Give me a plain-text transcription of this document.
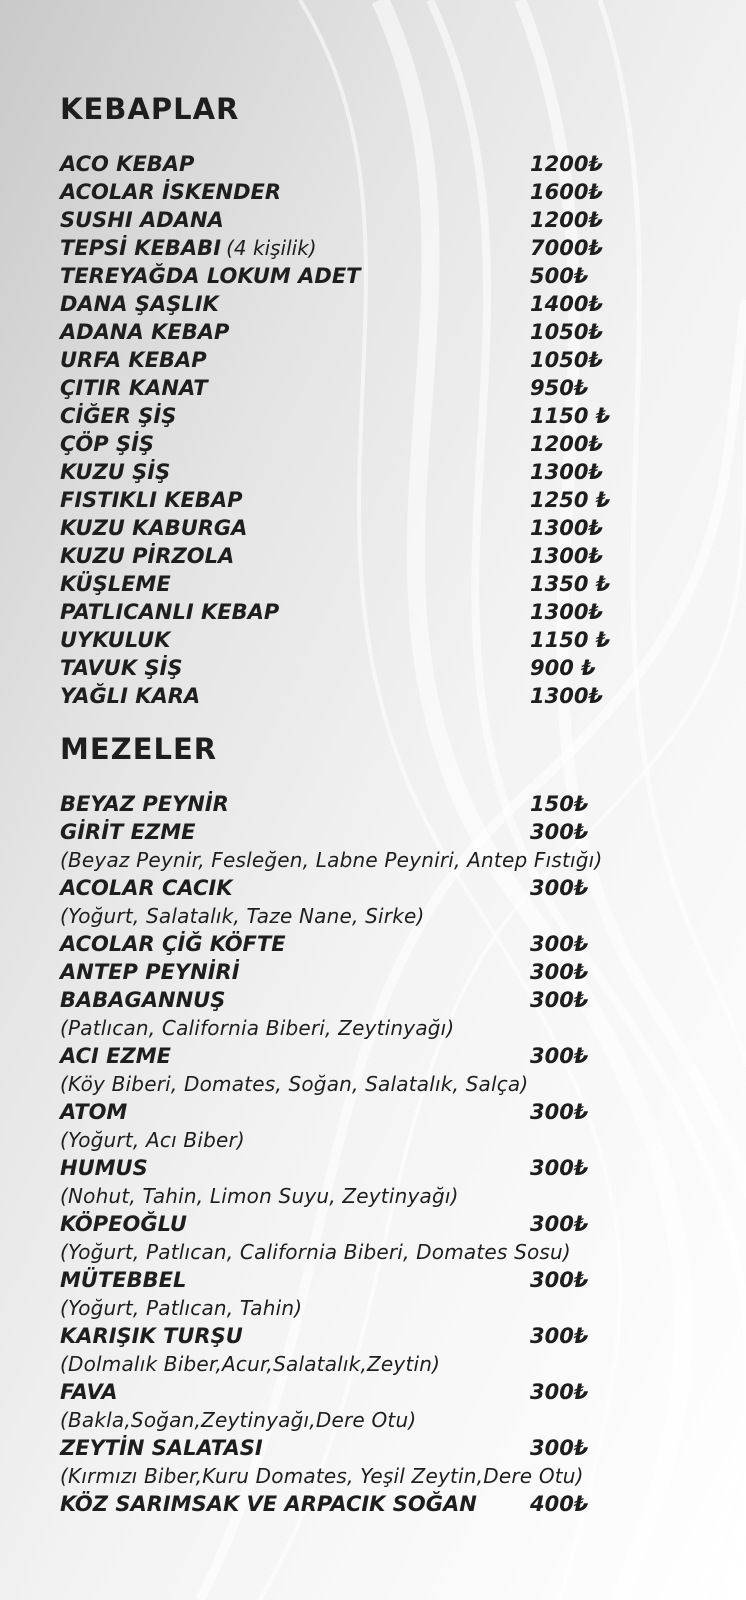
KEBAPLAR
ACO KEBAP	1200₺
ACOLAR İSKENDER	1600₺
SUSHI ADANA	1200₺
TEPSİ KEBABI (4 kişilik)	7000₺
TEREYAĞDA LOKUM ADET	500₺
DANA ŞAŞLIK	1400₺
ADANA KEBAP	1050₺
URFA KEBAP	1050₺
ÇITIR KANAT	950₺
CİĞER ŞİŞ	1150 ₺
ÇÖP ŞİŞ	1200₺
KUZU ŞİŞ	1300₺
FISTIKLI KEBAP	1250 ₺
KUZU KABURGA	1300₺
KUZU PİRZOLA	1300₺
KÜŞLEME	1350 ₺
PATLICANLI KEBAP	1300₺
UYKULUK	1150 ₺
TAVUK ŞİŞ	900 ₺
YAĞLI KARA	1300₺
MEZELER
BEYAZ PEYNİR	150₺
GİRİT EZME	300₺
(Beyaz Peynir, Fesleğen, Labne Peyniri, Antep Fıstığı)
ACOLAR CACIK	300₺
(Yoğurt, Salatalık, Taze Nane, Sirke)
ACOLAR ÇİĞ KÖFTE	300₺
ANTEP PEYNİRİ	300₺
BABAGANNUŞ	300₺
(Patlıcan, California Biberi, Zeytinyağı)
ACI EZME	300₺
(Köy Biberi, Domates, Soğan, Salatalık, Salça)
ATOM	300₺
(Yoğurt, Acı Biber)
HUMUS	300₺
(Nohut, Tahin, Limon Suyu, Zeytinyağı)
KÖPEOĞLU	300₺
(Yoğurt, Patlıcan, California Biberi, Domates Sosu)
MÜTEBBEL	300₺
(Yoğurt, Patlıcan, Tahin)
KARIŞIK TURŞU	300₺
(Dolmalık Biber,Acur,Salatalık,Zeytin)
FAVA	300₺
(Bakla,Soğan,Zeytinyağı,Dere Otu)
ZEYTİN SALATASI	300₺
(Kırmızı Biber,Kuru Domates, Yeşil Zeytin,Dere Otu)
KÖZ SARIMSAK VE ARPACIK SOĞAN	400₺
